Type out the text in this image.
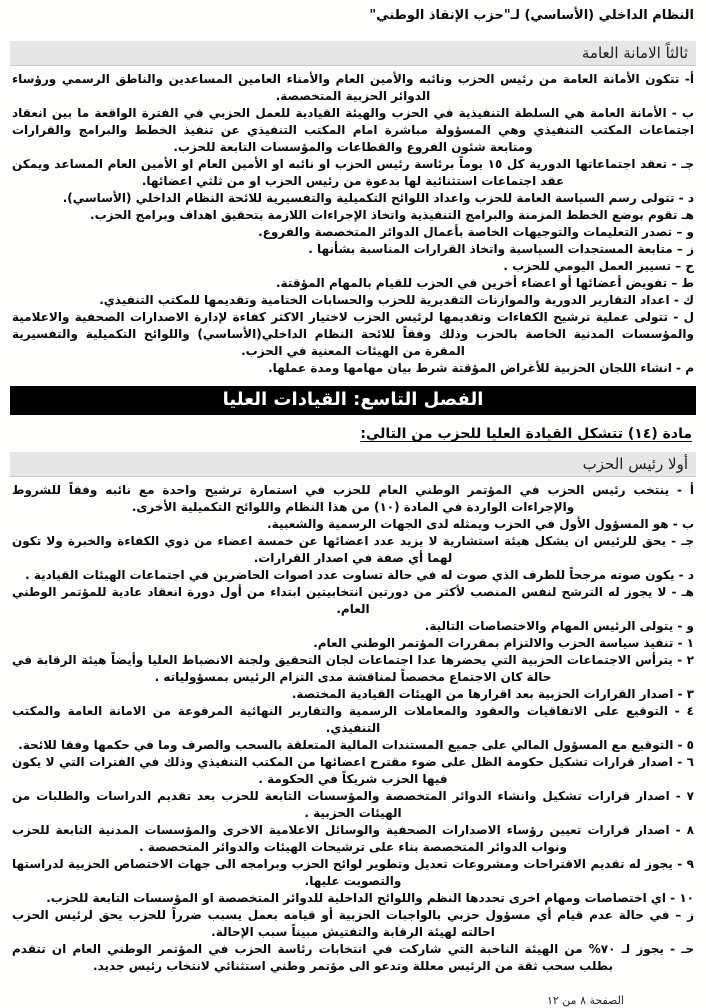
النظام الداخلي (الأساسي) لـ"حزب الإنقاذ الوطني"
ثالثاً الامانة العامة

أ- تتكون الأمانة العامة من رئيس الحزب ونائبه والأمين العام والأمناء العامين المساعدين والناطق الرسمي ورؤساء الدوائر الحزبية المتخصصة.

ب - الأمانة العامة هي السلطة التنفيذية في الحزب والهيئة القيادية للعمل الحزبي في الفترة الواقعة ما بين انعقاد اجتماعات المكتب التنفيذي وهي المسؤولة مباشرة امام المكتب التنفيذي عن تنفيذ الخطط والبرامج والقرارات ومتابعة شئون الفروع والقطاعات والمؤسسات التابعة للحزب.

جـ - تعقد اجتماعاتها الدورية كل ١٥ يوماً برئاسة رئيس الحزب او نائبه او الأمين العام او الأمين العام المساعد ويمكن عقد اجتماعات استثنائية لها بدعوة من رئيس الحزب او من ثلثي اعضائها.

د - تتولى رسم السياسة العامة للحزب واعداد اللوائح التكميلية والتفسيرية للائحة النظام الداخلي (الأساسي).

هـ تقوم بوضع الخطط المزمنة والبرامج التنفيذية واتخاذ الإجراءات اللازمة بتحقيق اهداف وبرامج الحزب.

و – تصدر التعليمات والتوجيهات الخاصة بأعمال الدوائر المتخصصة والفروع.

ز – متابعة المستجدات السياسية واتخاذ القرارات المناسبة بشأنها .

ح – تسيير العمل اليومي للحزب .

ط – تفويض أعضائها أو اعضاء أخرين في الحزب للقيام بالمهام المؤقتة.

ك - اعداد التقارير الدورية والموازنات التقديرية للحزب والحسابات الختامية وتقديمها للمكتب التنفيذي.

ل - تتولى عملية ترشيح الكفاءات وتقديمها لرئيس الحزب لاختيار الاكثر كفاءة لإدارة الاصدارات الصحفية والاعلامية والمؤسسات المدنية الخاصة بالحزب وذلك وفقاً للائحة النظام الداخلي(الأساسي) واللوائح التكميلية والتفسيرية المقرة من الهيئات المعنية في الحزب.

م - انشاء اللجان الحزبية للأغراض المؤقتة شرط بيان مهامها ومدة عملها.

الفصل التاسع: القيادات العليا
مادة (١٤) تتشكل القيادة العليا للحزب من التالي:
أولا رئيس الحزب

أ - ينتخب رئيس الحزب في المؤتمر الوطني العام للحزب في استمارة ترشيح واحدة مع نائبه وفقاً للشروط والإجراءات الواردة في المادة (١٠) من هذا النظام واللوائح التكميلية الأخرى.

ب - هو المسؤول الأول في الحزب ويمثله لدى الجهات الرسمية والشعبية.

جـ - يحق للرئيس ان يشكل هيئة استشارية لا يزيد عدد اعضائها عن خمسة اعضاء من ذوي الكفاءة والخبرة ولا تكون لهما أي صفة في اصدار القرارات.

د - يكون صوته مرجحاً للطرف الذي صوت له في حالة تساوت عدد اصوات الحاضرين في اجتماعات الهيئات القيادية .

هـ - لا يجوز له الترشح لنفس المنصب لأكثر من دورتين انتخابيتين ابتداء من أول دورة انعقاد عادية للمؤتمر الوطني العام.

و - يتولى الرئيس المهام والاختصاصات التالية.

١ - تنفيذ سياسة الحزب والالتزام بمقررات المؤتمر الوطني العام.

٢ - يترأس الاجتماعات الحزبية التي يحضرها عدا اجتماعات لجان التحقيق ولجنة الانضباط العليا وأيضاً هيئة الرقابة في حالة كان الاجتماع مخصصاً لمناقشة مدى التزام الرئيس بمسؤولياته .

٣ - اصدار القرارات الحزبية بعد اقرارها من الهيئات القيادية المختصة.

٤ - التوقيع على الاتفاقيات والعقود والمعاملات الرسمية والتقارير النهائية المرفوعة من الامانة العامة والمكتب التنفيذي.

٥ - التوقيع مع المسؤول المالي على جميع المستندات المالية المتعلقة بالسحب والصرف وما في حكمها وفقا للائحة.

٦ - اصدار قرارات تشكيل حكومة الظل على ضوء مقترح اعضائها من المكتب التنفيذي وذلك في الفترات التي لا يكون فيها الحزب شريكاً في الحكومة .

٧ - اصدار قرارات تشكيل وانشاء الدوائر المتخصصة والمؤسسات التابعة للحزب بعد تقديم الدراسات والطلبات من الهيئات الحزبية .

٨ - اصدار قرارات تعيين رؤساء الاصدارات الصحفية والوسائل الاعلامية الاخرى والمؤسسات المدنية التابعة للحزب ونواب الدوائر المتخصصة بناء على ترشيحات الهيئات والدوائر المتخصصة .

٩ - يجوز له تقديم الاقتراحات ومشروعات تعديل وتطوير لوائح الحزب وبرامجه الى جهات الاختصاص الحزبية لدراستها والتصويت عليها.

١٠ - اي اختصاصات ومهام اخرى تحددها النظم واللوائح الداخلية للدوائر المتخصصة او المؤسسات التابعة للحزب.

ز – في حالة عدم قيام أي مسؤول حزبي بالواجبات الحزبية أو قيامه بعمل يسبب ضرراً للحزب يحق لرئيس الحزب احالته لهيئة الرقابة والتفتيش مبيناً سبب الإحالة.

حـ - يجوز لـ ٧٠% من الهيئة الناخبة التي شاركت في انتخابات رئاسة الحزب في المؤتمر الوطني العام ان تتقدم بطلب سحب ثقة من الرئيس معللة وتدعو الى مؤتمر وطني استثنائي لانتخاب رئيس جديد.

الصفحة ٨ من ١٢
